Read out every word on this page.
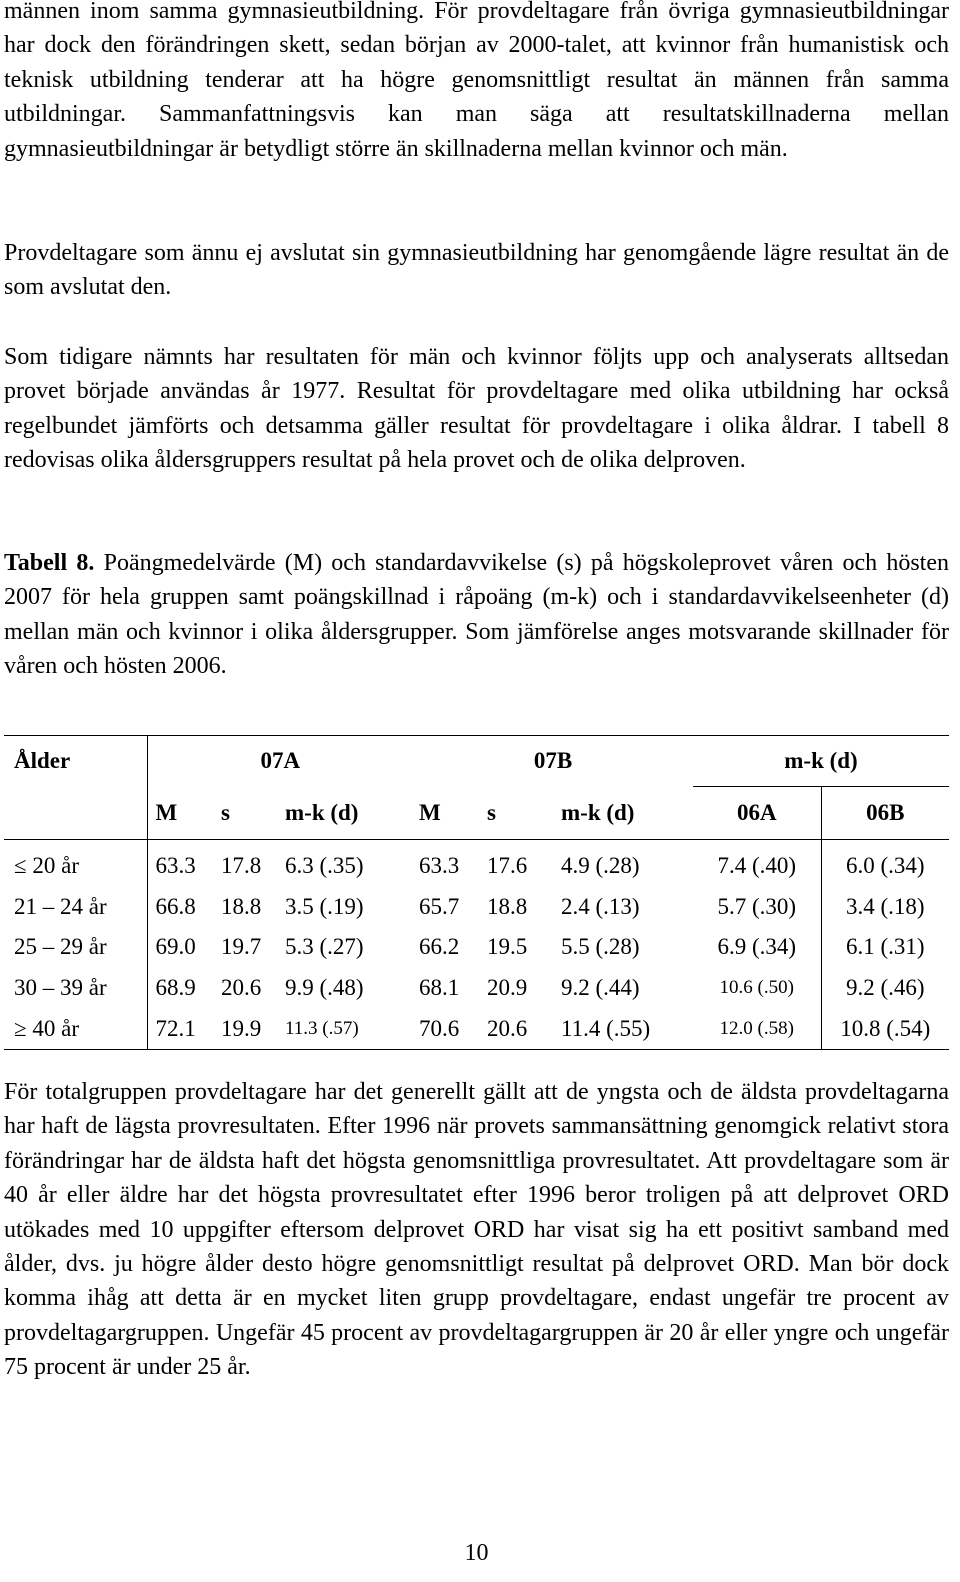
männen inom samma gymnasieutbildning. För provdeltagare från övriga gymnasieutbildningar har dock den förändringen skett, sedan början av 2000-talet, att kvinnor från humanistisk och teknisk utbildning tenderar att ha högre genomsnittligt resultat än männen från samma utbildningar. Sammanfattningsvis kan man säga att resultatskillnaderna mellan gymnasieutbildningar är betydligt större än skillnaderna mellan kvinnor och män.

Provdeltagare som ännu ej avslutat sin gymnasieutbildning har genomgående lägre resultat än de som avslutat den.

Som tidigare nämnts har resultaten för män och kvinnor följts upp och analyserats alltsedan provet började användas år 1977. Resultat för provdeltagare med olika utbildning har också regelbundet jämförts och detsamma gäller resultat för provdeltagare i olika åldrar. I tabell 8 redovisas olika åldersgruppers resultat på hela provet och de olika delproven.

Tabell 8. Poängmedelvärde (M) och standardavvikelse (s) på högskoleprovet våren och hösten 2007 för hela gruppen samt poängskillnad i råpoäng (m-k) och i standardavvikelseenheter (d) mellan män och kvinnor i olika åldersgrupper. Som jämförelse anges motsvarande skillnader för våren och hösten 2006.

Ålder	07A			07B			m-k (d)	
	M	s	m-k (d)	M	s	m-k (d)	06A	06B
≤ 20 år	63.3	17.8	6.3 (.35)	63.3	17.6	4.9 (.28)	7.4 (.40)	6.0 (.34)
21 – 24 år	66.8	18.8	3.5 (.19)	65.7	18.8	2.4 (.13)	5.7 (.30)	3.4 (.18)
25 – 29 år	69.0	19.7	5.3 (.27)	66.2	19.5	5.5 (.28)	6.9 (.34)	6.1 (.31)
30 – 39 år	68.9	20.6	9.9 (.48)	68.1	20.9	9.2 (.44)	10.6 (.50)	9.2 (.46)
≥ 40 år	72.1	19.9	11.3 (.57)	70.6	20.6	11.4 (.55)	12.0 (.58)	10.8 (.54)

För totalgruppen provdeltagare har det generellt gällt att de yngsta och de äldsta provdeltagarna har haft de lägsta provresultaten. Efter 1996 när provets sammansättning genomgick relativt stora förändringar har de äldsta haft det högsta genomsnittliga provresultatet. Att provdeltagare som är 40 år eller äldre har det högsta provresultatet efter 1996 beror troligen på att delprovet ORD utökades med 10 uppgifter eftersom delprovet ORD har visat sig ha ett positivt samband med ålder, dvs. ju högre ålder desto högre genomsnittligt resultat på delprovet ORD. Man bör dock komma ihåg att detta är en mycket liten grupp provdeltagare, endast ungefär tre procent av provdeltagargruppen. Ungefär 45 procent av provdeltagargruppen är 20 år eller yngre och ungefär 75 procent är under 25 år.

10
